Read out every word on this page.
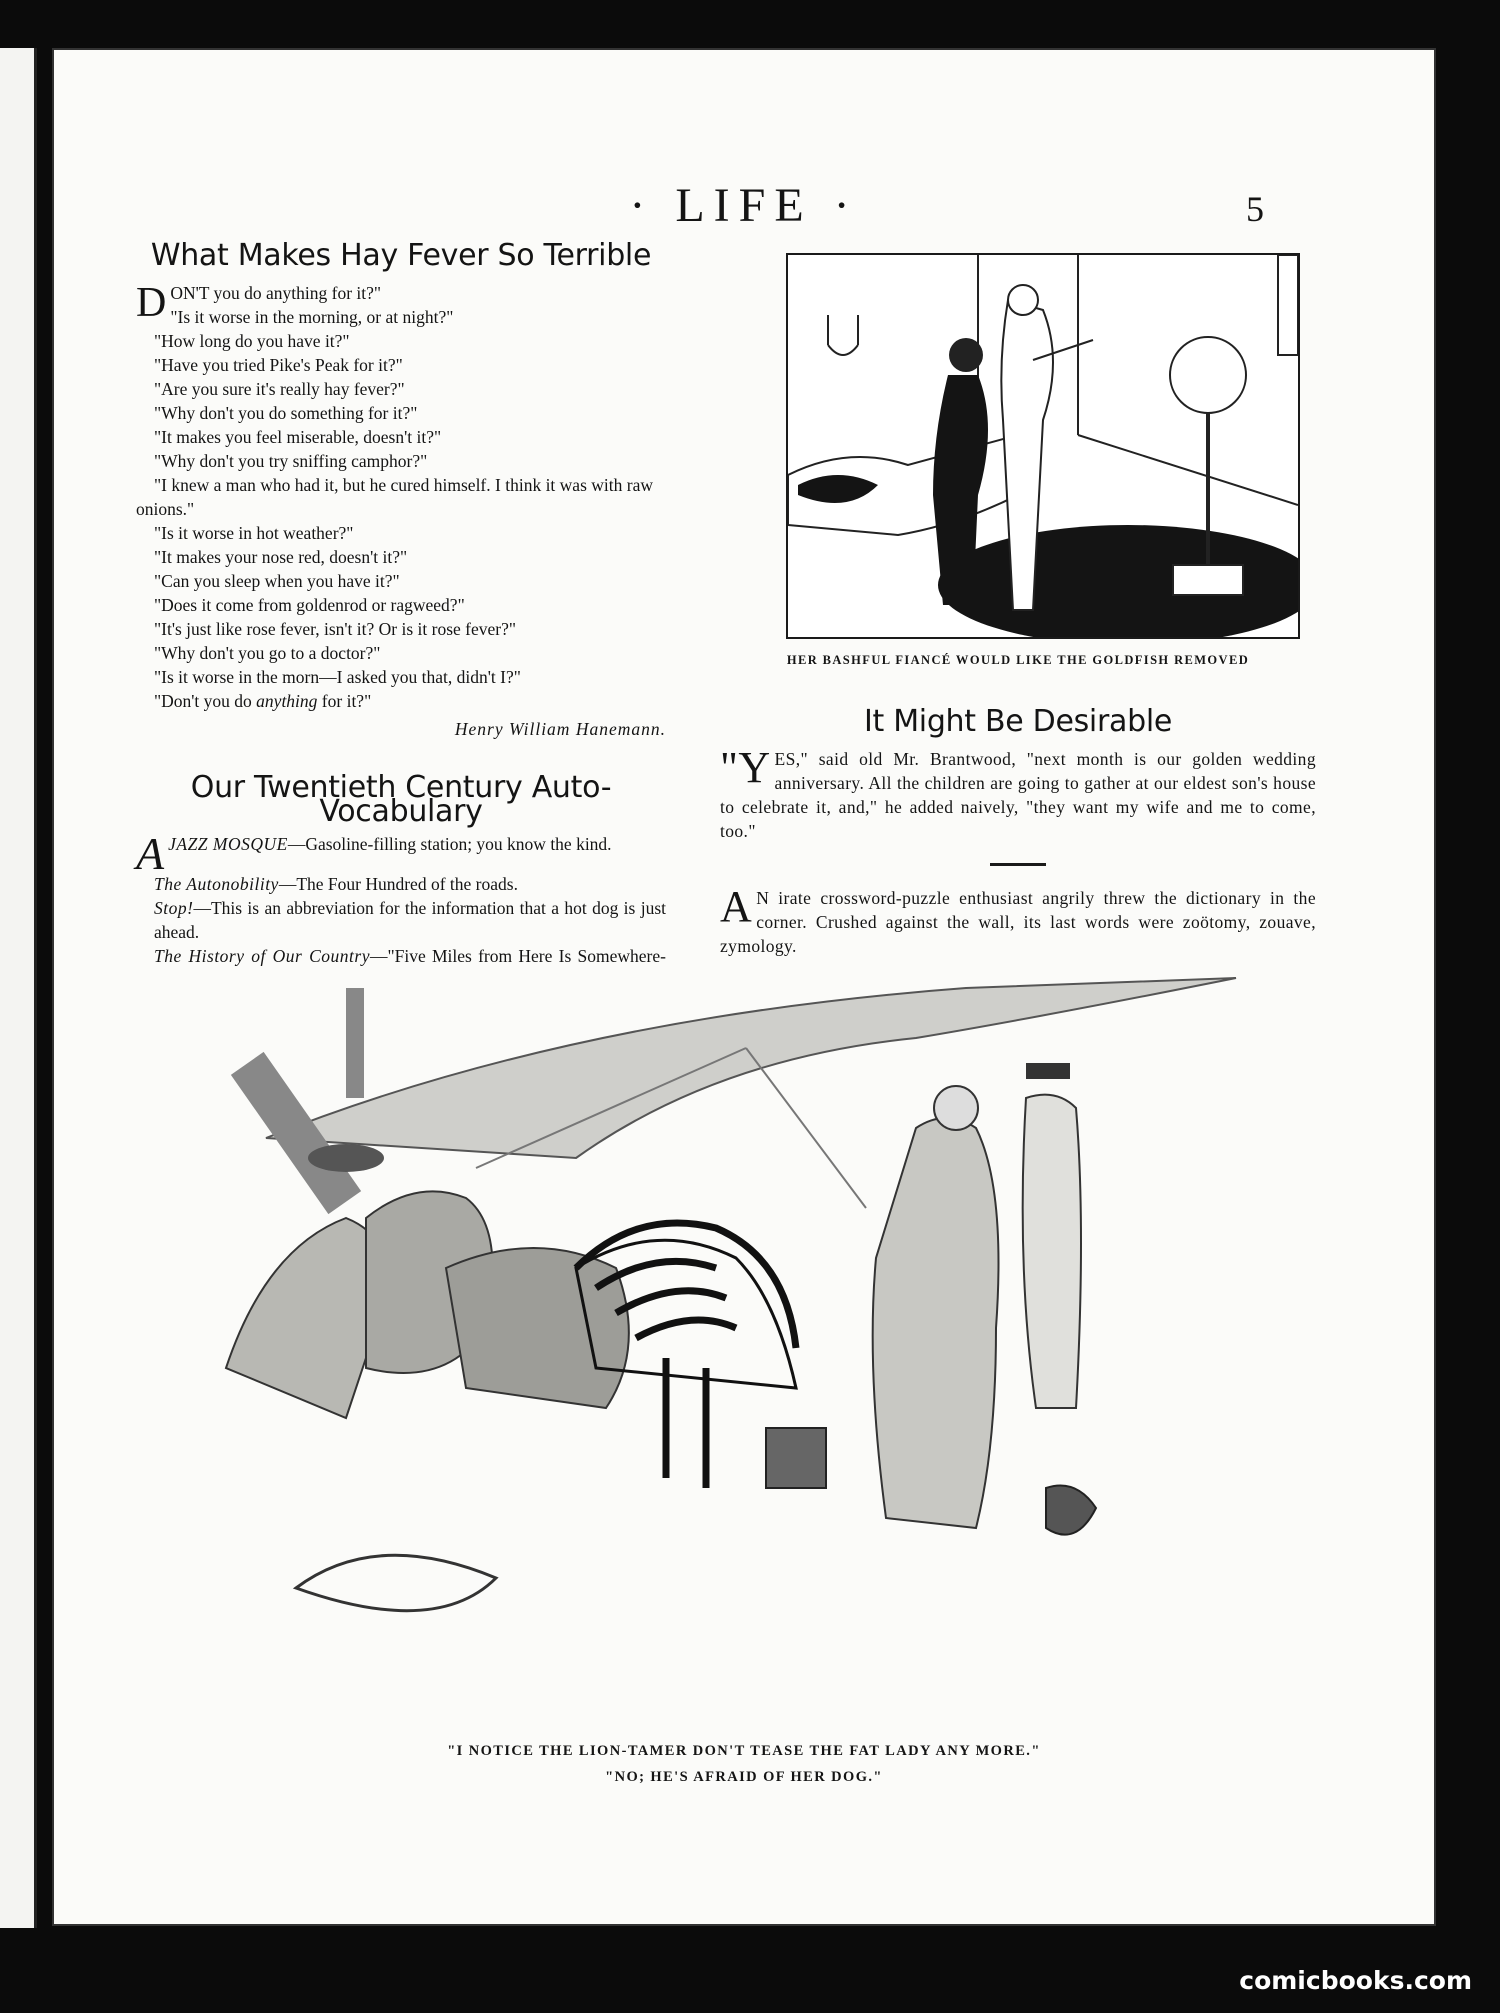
· LIFE ·	5
What Makes Hay Fever So Terrible

DON'T you do anything for it?"

"Is it worse in the morning, or at night?"

"How long do you have it?"

"Have you tried Pike's Peak for it?"

"Are you sure it's really hay fever?"

"Why don't you do something for it?"

"It makes you feel miserable, doesn't it?"

"Why don't you try sniffing camphor?"

"I knew a man who had it, but he cured himself. I think it was with raw onions."

"Is it worse in hot weather?"

"It makes your nose red, doesn't it?"

"Can you sleep when you have it?"

"Does it come from goldenrod or ragweed?"

"It's just like rose fever, isn't it? Or is it rose fever?"

"Why don't you go to a doctor?"

"Is it worse in the morn—I asked you that, didn't I?"

"Don't you do anything for it?"

Henry William Hanemann.
Our Twentieth Century Auto-Vocabulary

AJAZZ MOSQUE—Gasoline-filling station; you know the kind.

The Autonobility—The Four Hundred of the roads.

Stop!—This is an abbreviation for the information that a hot dog is just ahead.

The History of Our Country—"Five Miles from Here Is Somewhere-

HER BASHFUL FIANCÉ WOULD LIKE THE GOLDFISH REMOVED
It Might Be Desirable

"YES," said old Mr. Brantwood, "next month is our golden wedding anniversary. All the children are going to gather at our eldest son's house to celebrate it, and," he added naively, "they want my wife and me to come, too."

A N irate crossword-puzzle enthusiast angrily threw the dictionary in the corner. Crushed against the wall, its last words were zoötomy, zouave, zymology.

"I NOTICE THE LION-TAMER DON'T TEASE THE FAT LADY ANY MORE."
"NO; HE'S AFRAID OF HER DOG."
comicbooks.com
